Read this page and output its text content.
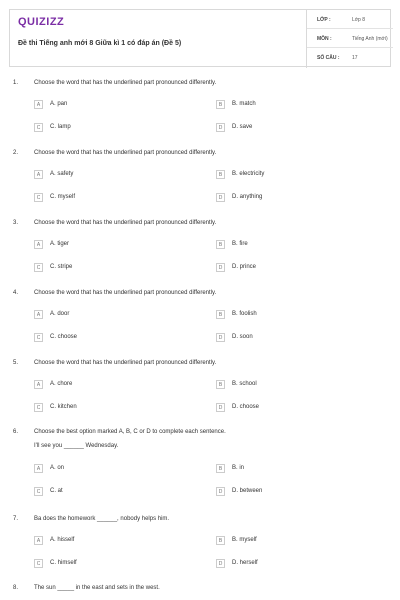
QUIZIZZ
Đề thi Tiếng anh mới 8 Giữa kì 1 có đáp án (Đề 5)
LỚP :	Lớp 8
MÔN :	Tiếng Anh (mới)
SỐ CÂU :	17
1.	Choose the word that has the underlined part pronounced differently.
A	A. pan	B	B. match
C	C. lamp	D	D. save
2.	Choose the word that has the underlined part pronounced differently.
A	A. safety	B	B. electricity
C	C. myself	D	D. anything
3.	Choose the word that has the underlined part pronounced differently.
A	A. tiger	B	B. fire
C	C. stripe	D	D. prince
4.	Choose the word that has the underlined part pronounced differently.
A	A. door	B	B. foolish
C	C. choose	D	D. soon
5.	Choose the word that has the underlined part pronounced differently.
A	A. chore	B	B. school
C	C. kitchen	D	D. choose
6.	Choose the best option marked A, B, C or D to complete each sentence.
I'll see you ______ Wednesday.
A	A. on	B	B. in
C	C. at	D	D. between
7.	Ba does the homework ______, nobody helps him.
A	A. hisself	B	B. myself
C	C. himself	D	D. herself
8.	The sun _____ in the east and sets in the west.
